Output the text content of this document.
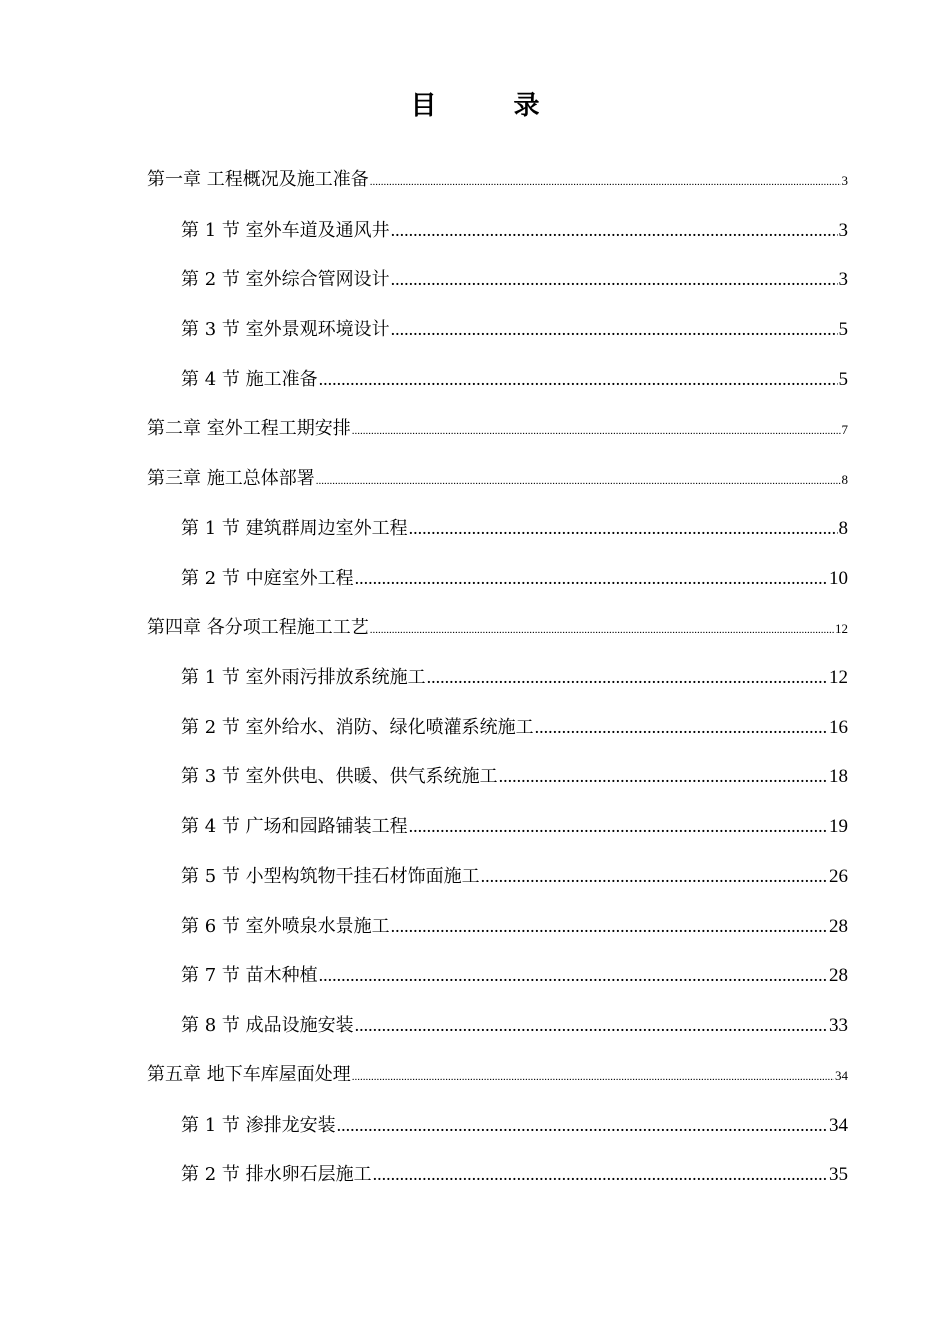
目 录
第一章 工程概况及施工准备 .....	3
第 1 节 室外车道及通风井 .....	3
第 2 节 室外综合管网设计 .....	3
第 3 节 室外景观环境设计 .....	5
第 4 节 施工准备 .....	5
第二章 室外工程工期安排 .....	7
第三章 施工总体部署 .....	8
第 1 节 建筑群周边室外工程 .....	8
第 2 节 中庭室外工程 .....	10
第四章 各分项工程施工工艺 .....	12
第 1 节 室外雨污排放系统施工 .....	12
第 2 节 室外给水、消防、绿化喷灌系统施工 .....	16
第 3 节 室外供电、供暖、供气系统施工 .....	18
第 4 节 广场和园路铺装工程 .....	19
第 5 节 小型构筑物干挂石材饰面施工 .....	26
第 6 节 室外喷泉水景施工 .....	28
第 7 节 苗木种植 .....	28
第 8 节 成品设施安装 .....	33
第五章 地下车库屋面处理 .....	34
第 1 节 渗排龙安装 .....	34
第 2 节 排水卵石层施工 .....	35
